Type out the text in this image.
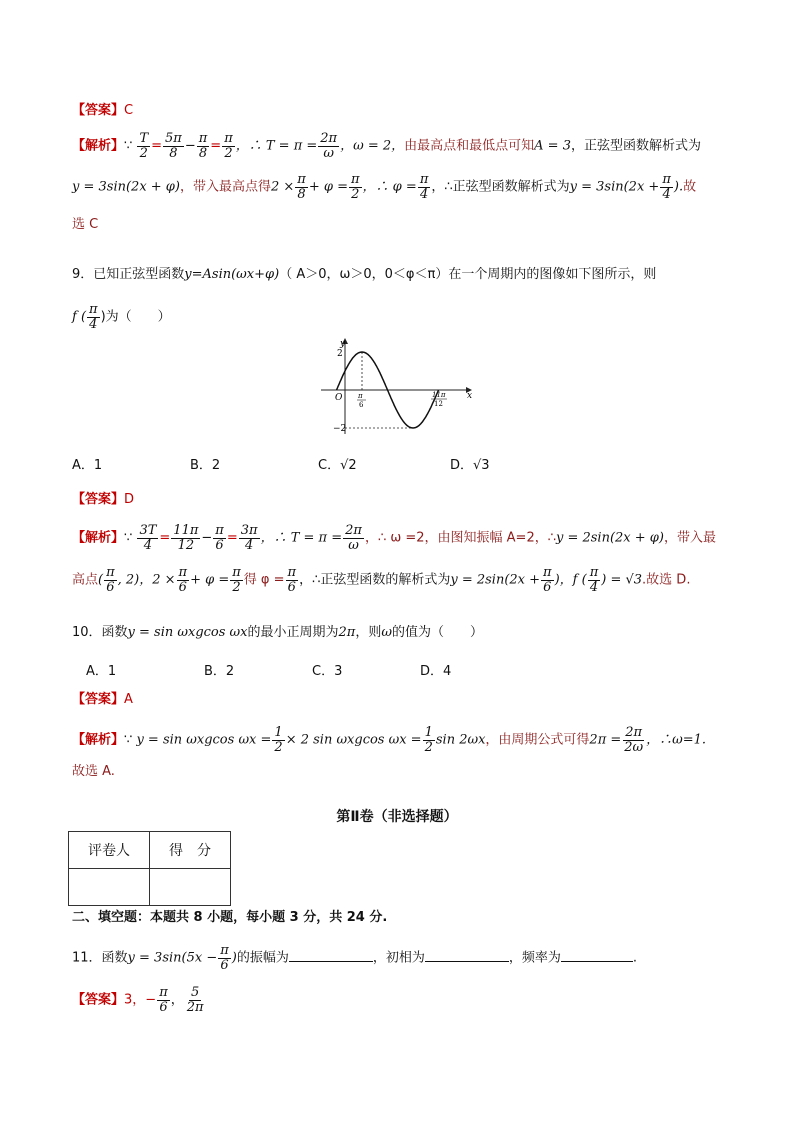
【答案】C
【解析】∵ $\frac{T}{2} = \frac{5\pi}{8} - \frac{\pi}{8} = \frac{\pi}{2}$ ，∴ $T = \pi = \frac{2\pi}{\omega}$ ，ω = 2，由最高点和最低点可知A = 3，正弦型函数解析式为
y = 3sin(2x + φ)，带入最高点得$2 \times \frac{\pi}{8} + \varphi = \frac{\pi}{2}$ ，∴ $\varphi = \frac{\pi}{4}$ ，∴正弦型函数解析式为$y = 3\sin(2x + \frac{\pi}{4}$ ).故
选 C
9．已知正弦型函数y=Asin(ωx+φ)（ A＞0，ω＞0，0＜φ＜π）在一个周期内的图像如下图所示，则
f ( $\frac{\pi}{4}$ )为（　　）
y
x
O
2
−2
π
6
11π
12
A．1	B．2	C．√2	D．√3
【答案】D
【解析】∵ $\frac{3T}{4} = \frac{11\pi}{12} - \frac{\pi}{6} = \frac{3\pi}{4}$ ，∴ $T = \pi = \frac{2\pi}{\omega}$ ，∴ ω =2，由图知振幅 A=2，∴y = 2sin(2x + φ)，带入最
高点( $\frac{\pi}{6}$ , 2)，$2 \times \frac{\pi}{6} + \varphi = \frac{\pi}{2}$ 得 $\varphi = \frac{\pi}{6}$ ，∴正弦型函数的解析式为$y = 2\sin(2x + \frac{\pi}{6}$ )，f ( $\frac{\pi}{4}$ ) = √3.故选 D.
10．函数y = sin ωxgcos ωx的最小正周期为2π，则ω的值为（　　）
A．1	B．2	C．3	D．4
【答案】A
【解析】∵ y = sin ωxgcos $\omega x = \frac{1}{2} \times 2$ sin ωxgcos $\omega x = \frac{1}{2}$ sin 2ωx，由周期公式可得$2\pi = \frac{2\pi}{2\omega}$ ，∴ω=1.
故选 A.
第Ⅱ卷（非选择题）
评卷人	得　分

二、填空题：本题共 8 小题，每小题 3 分，共 24 分.
11．函数$y = 3\sin(5x - \frac{\pi}{6}$ )的振幅为	，初相为	，频率为	.
【答案】3，− $\frac{\pi}{6}$ ， $\frac{5}{2\pi}$
